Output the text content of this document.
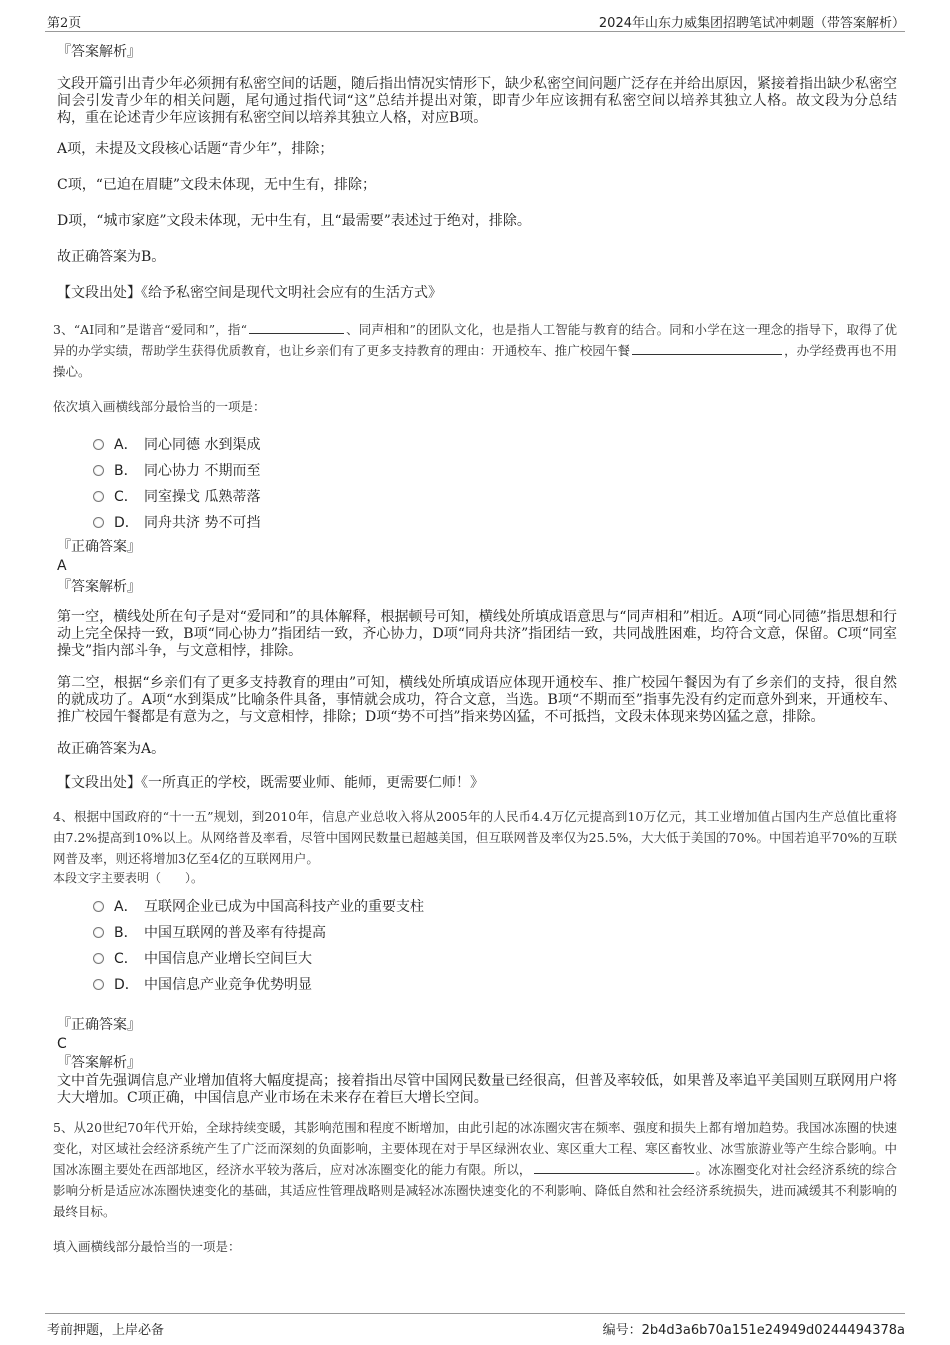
第2页	2024年山东力威集团招聘笔试冲刺题（带答案解析）

『答案解析』

文段开篇引出青少年必须拥有私密空间的话题，随后指出情况实情形下，缺少私密空间问题广泛存在并给出原因，紧接着指出缺少私密空间会引发青少年的相关问题，尾句通过指代词“这”总结并提出对策，即青少年应该拥有私密空间以培养其独立人格。故文段为分总结构，重在论述青少年应该拥有私密空间以培养其独立人格，对应B项。

A项，未提及文段核心话题“青少年”，排除；

C项，“已迫在眉睫”文段未体现，无中生有，排除；

D项，“城市家庭”文段未体现，无中生有，且“最需要”表述过于绝对，排除。

故正确答案为B。

【文段出处】《给予私密空间是现代文明社会应有的生活方式》

3、“AI同和”是谐音“爱同和”，指“	、同声相和”的团队文化，也是指人工智能与教育的结合。同和小学在这一理念的指导下，取得了优异的办学实绩，帮助学生获得优质教育，也让乡亲们有了更多支持教育的理由：开通校车、推广校园午餐	，办学经费再也不用操心。

依次填入画横线部分最恰当的一项是：

A． 同心同德 水到渠成
B． 同心协力 不期而至
C． 同室操戈 瓜熟蒂落
D． 同舟共济 势不可挡

『正确答案』

A

『答案解析』

第一空，横线处所在句子是对“爱同和”的具体解释，根据顿号可知，横线处所填成语意思与“同声相和”相近。A项“同心同德”指思想和行动上完全保持一致，B项“同心协力”指团结一致，齐心协力，D项“同舟共济”指团结一致，共同战胜困难，均符合文意，保留。C项“同室操戈”指内部斗争，与文意相悖，排除。

第二空，根据“乡亲们有了更多支持教育的理由”可知，横线处所填成语应体现开通校车、推广校园午餐因为有了乡亲们的支持，很自然的就成功了。A项“水到渠成”比喻条件具备，事情就会成功，符合文意，当选。B项“不期而至”指事先没有约定而意外到来，开通校车、推广校园午餐都是有意为之，与文意相悖，排除；D项“势不可挡”指来势凶猛，不可抵挡，文段未体现来势凶猛之意，排除。

故正确答案为A。

【文段出处】《一所真正的学校，既需要业师、能师，更需要仁师！》

4、根据中国政府的“十一五”规划，到2010年，信息产业总收入将从2005年的人民币4.4万亿元提高到10万亿元，其工业增加值占国内生产总值比重将由7.2%提高到10%以上。从网络普及率看，尽管中国网民数量已超越美国，但互联网普及率仅为25.5%，大大低于美国的70%。中国若追平70%的互联网普及率，则还将增加3亿至4亿的互联网用户。

本段文字主要表明（　　）。

A． 互联网企业已成为中国高科技产业的重要支柱
B． 中国互联网的普及率有待提高
C． 中国信息产业增长空间巨大
D． 中国信息产业竞争优势明显

『正确答案』

C

『答案解析』

文中首先强调信息产业增加值将大幅度提高；接着指出尽管中国网民数量已经很高，但普及率较低，如果普及率追平美国则互联网用户将大大增加。C项正确，中国信息产业市场在未来存在着巨大增长空间。

5、从20世纪70年代开始，全球持续变暖，其影响范围和程度不断增加，由此引起的冰冻圈灾害在频率、强度和损失上都有增加趋势。我国冰冻圈的快速变化，对区域社会经济系统产生了广泛而深刻的负面影响，主要体现在对于旱区绿洲农业、寒区重大工程、寒区畜牧业、冰雪旅游业等产生综合影响。中国冰冻圈主要处在西部地区，经济水平较为落后，应对冰冻圈变化的能力有限。所以，	。冰冻圈变化对社会经济系统的综合影响分析是适应冰冻圈快速变化的基础，其适应性管理战略则是减轻冰冻圈快速变化的不利影响、降低自然和社会经济系统损失，进而减缓其不利影响的最终目标。

填入画横线部分最恰当的一项是：

考前押题，上岸必备	编号：2b4d3a6b70a151e24949d0244494378a
